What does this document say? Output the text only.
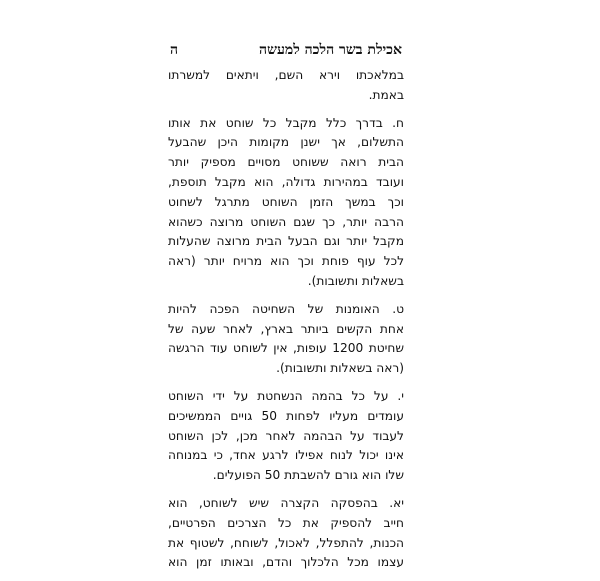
אכילת בשר הלכה למעשה
ה
במלאכתו וירא השם, ויתאים למשרתו
באמת.
ח. בדרך כלל מקבל כל שוחט את אותו
התשלום, אך ישנן מקומות היכן שהבעל
הבית רואה ששוחט מסויים מספיק יותר
ועובד במהירות גדולה, הוא מקבל תוספת,
וכך במשך הזמן השוחט מתרגל לשחוט
הרבה יותר, כך שגם השוחט מרוצה כשהוא
מקבל יותר וגם הבעל הבית מרוצה שהעלות
לכל עוף פוחת וכך הוא מרויח יותר (ראה
בשאלות ותשובות).
ט. האומנות של השחיטה הפכה להיות
אחת הקשים ביותר בארץ, לאחר שעה של
שחיטת 1200 עופות, אין לשוחט עוד הרגשה
(ראה בשאלות ותשובות).
י. על כל בהמה הנשחטת על ידי השוחט
עומדים מעליו לפחות 50 גויים הממשיכים
לעבוד על הבהמה לאחר מכן, לכן השוחט
אינו יכול לנוח אפילו לרגע אחד, כי במנוחה
שלו הוא גורם להשבתת 50 הפועלים.
יא. בהפסקה הקצרה שיש לשוחט, הוא
חייב להספיק את כל הצרכים הפרטיים,
הכנות, להתפלל, לאכול, לשוחח, לשטוף את
עצמו מכל הלכלוך והדם, ובאותו זמן הוא
